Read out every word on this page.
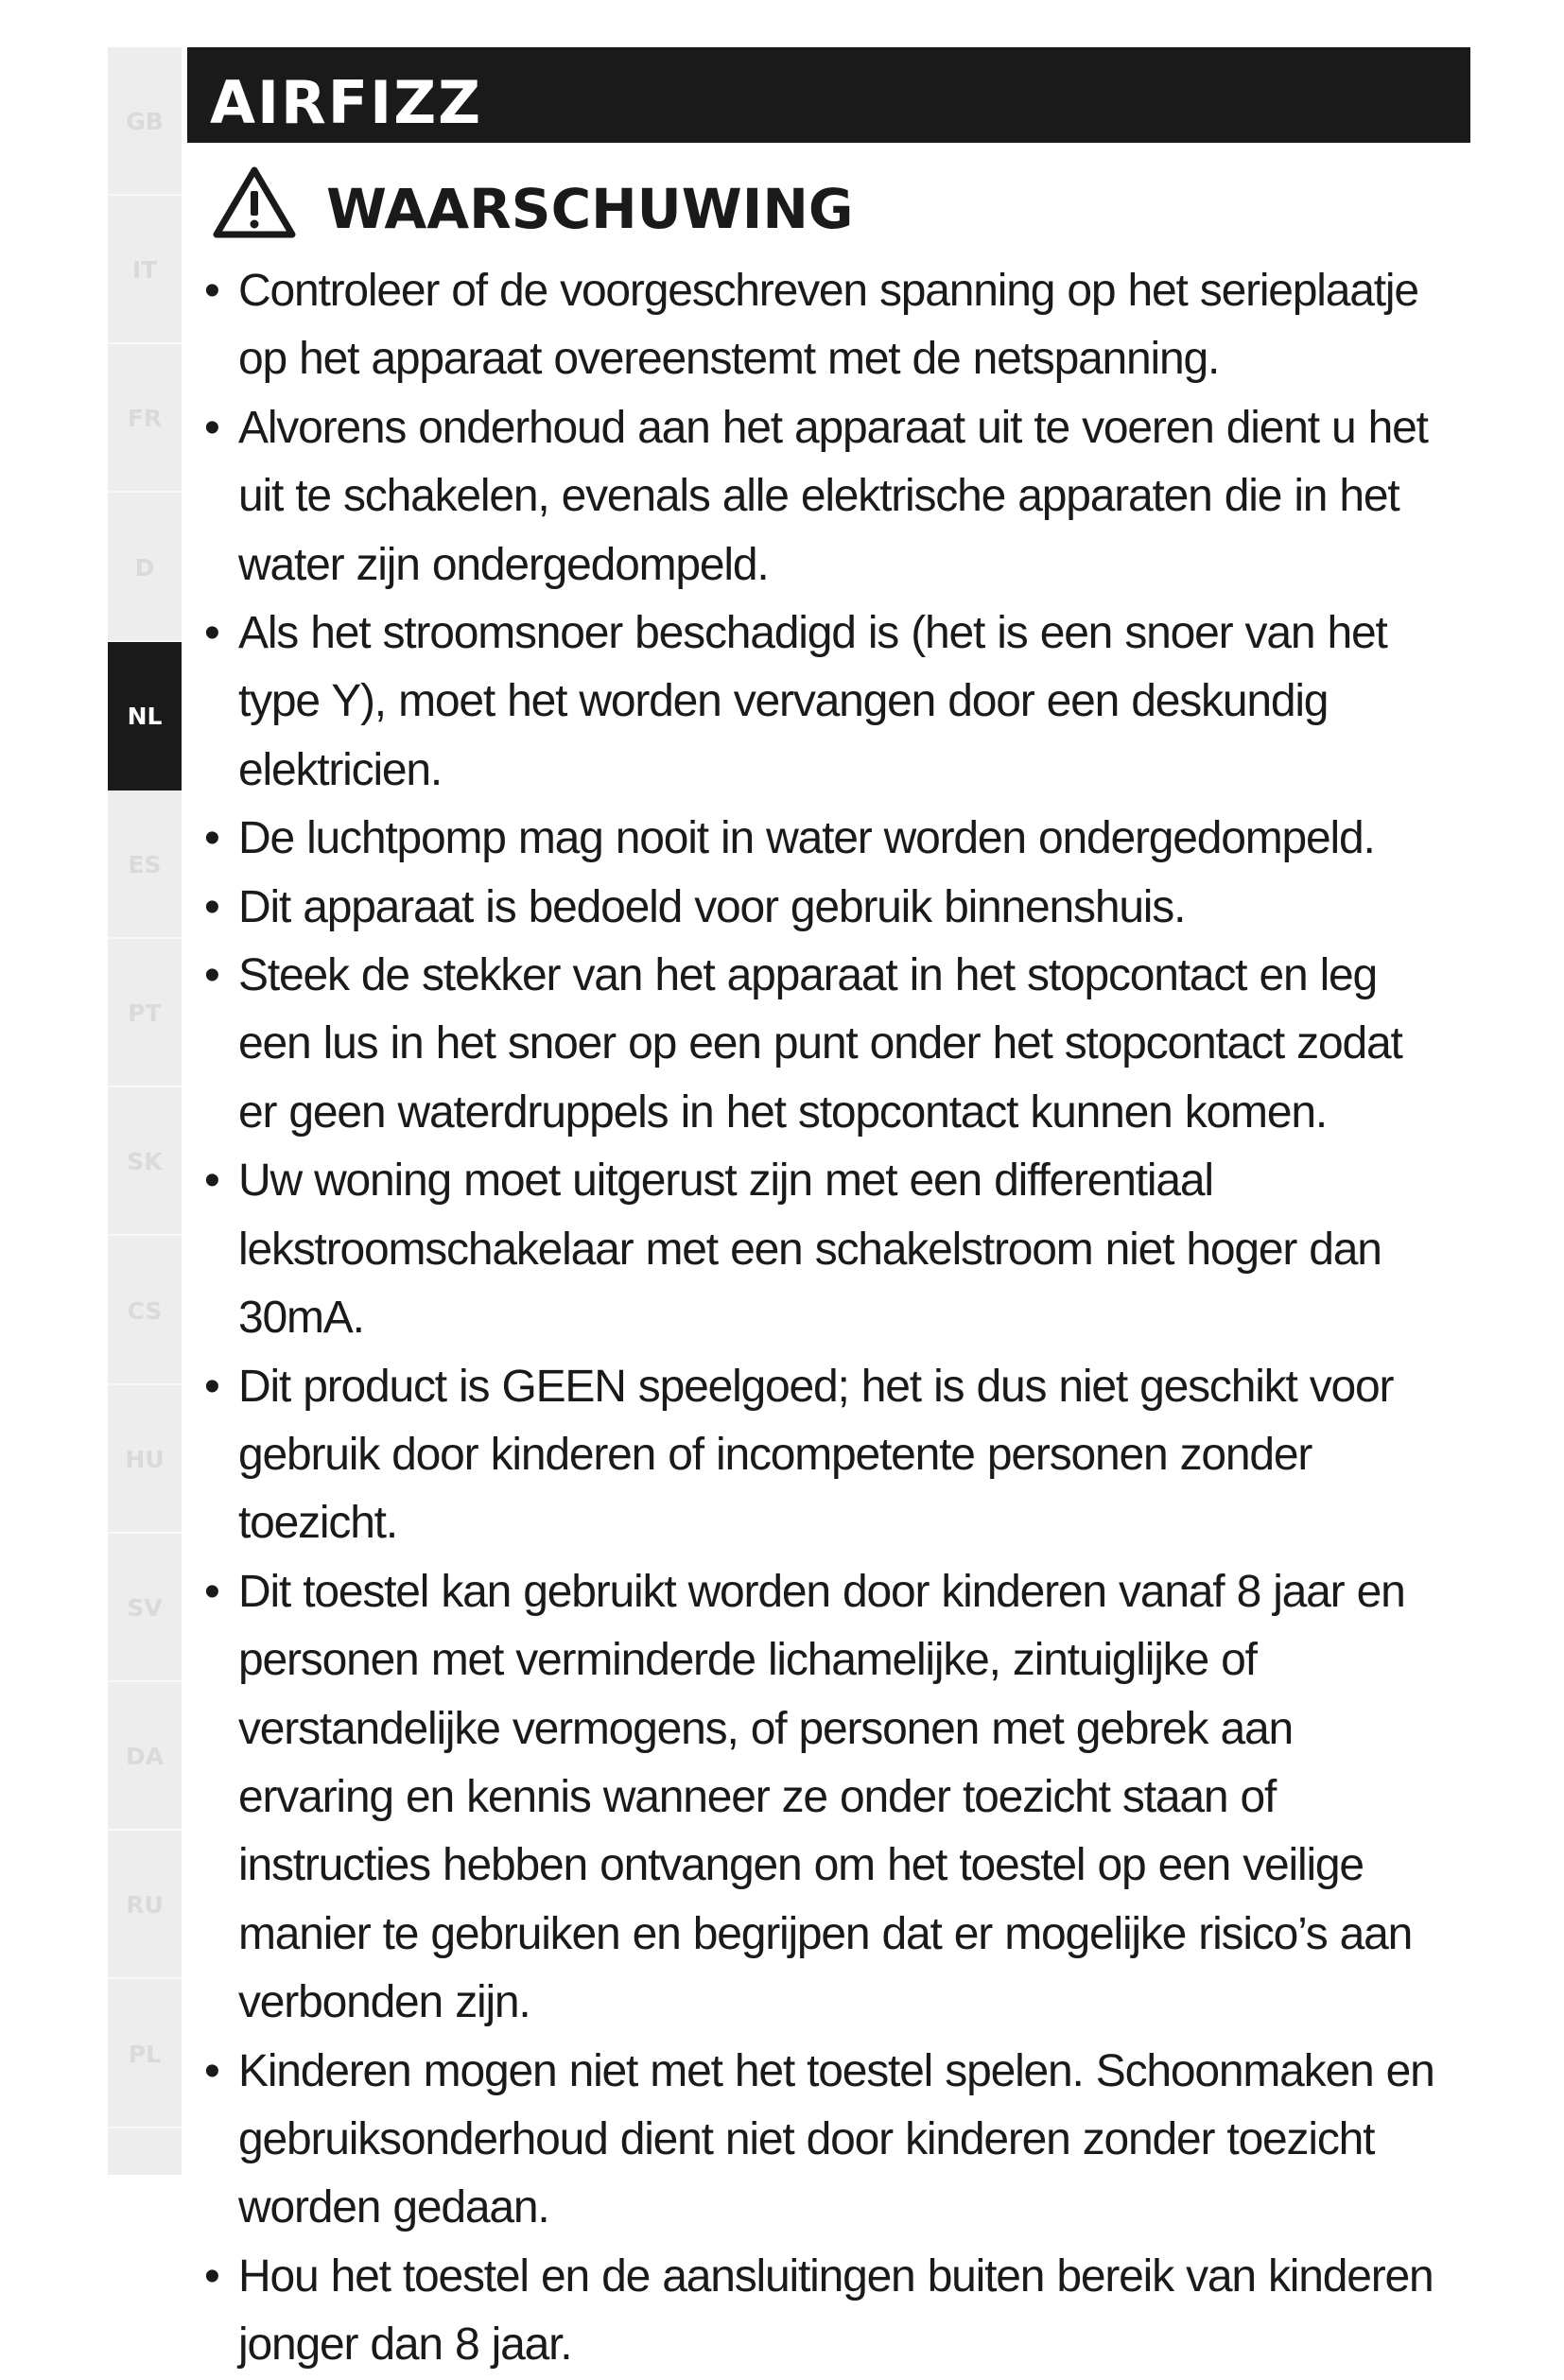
GB
IT
FR
D
NL
ES
PT
SK
CS
HU
SV
DA
RU
PL
AIRFIZZ
WAARSCHUWING
• Controleer of de voorgeschreven spanning op het serieplaatje op het apparaat overeenstemt met de netspanning.
• Alvorens onderhoud aan het apparaat uit te voeren dient u het uit te schakelen, evenals alle elektrische apparaten die in het water zijn ondergedompeld.
• Als het stroomsnoer beschadigd is (het is een snoer van het type Y), moet het worden vervangen door een deskundig elektricien.
• De luchtpomp mag nooit in water worden ondergedompeld.
• Dit apparaat is bedoeld voor gebruik binnenshuis.
• Steek de stekker van het apparaat in het stopcontact en leg een lus in het snoer op een punt onder het stopcontact zodat er geen waterdruppels in het stopcontact kunnen komen.
• Uw woning moet uitgerust zijn met een differentiaal lekstroomschakelaar met een schakelstroom niet hoger dan 30mA.
• Dit product is GEEN speelgoed; het is dus niet geschikt voor gebruik door kinderen of incompetente personen zonder toezicht.
• Dit toestel kan gebruikt worden door kinderen vanaf 8 jaar en personen met verminderde lichamelijke, zintuiglijke of verstandelijke vermogens, of personen met gebrek aan ervaring en kennis wanneer ze onder toezicht staan of instructies hebben ontvangen om het toestel op een veilige manier te gebruiken en begrijpen dat er mogelijke risico’s aan verbonden zijn.
• Kinderen mogen niet met het toestel spelen. Schoonmaken en gebruiksonderhoud dient niet door kinderen zonder toezicht worden gedaan.
• Hou het toestel en de aansluitingen buiten bereik van kinderen jonger dan 8 jaar.
